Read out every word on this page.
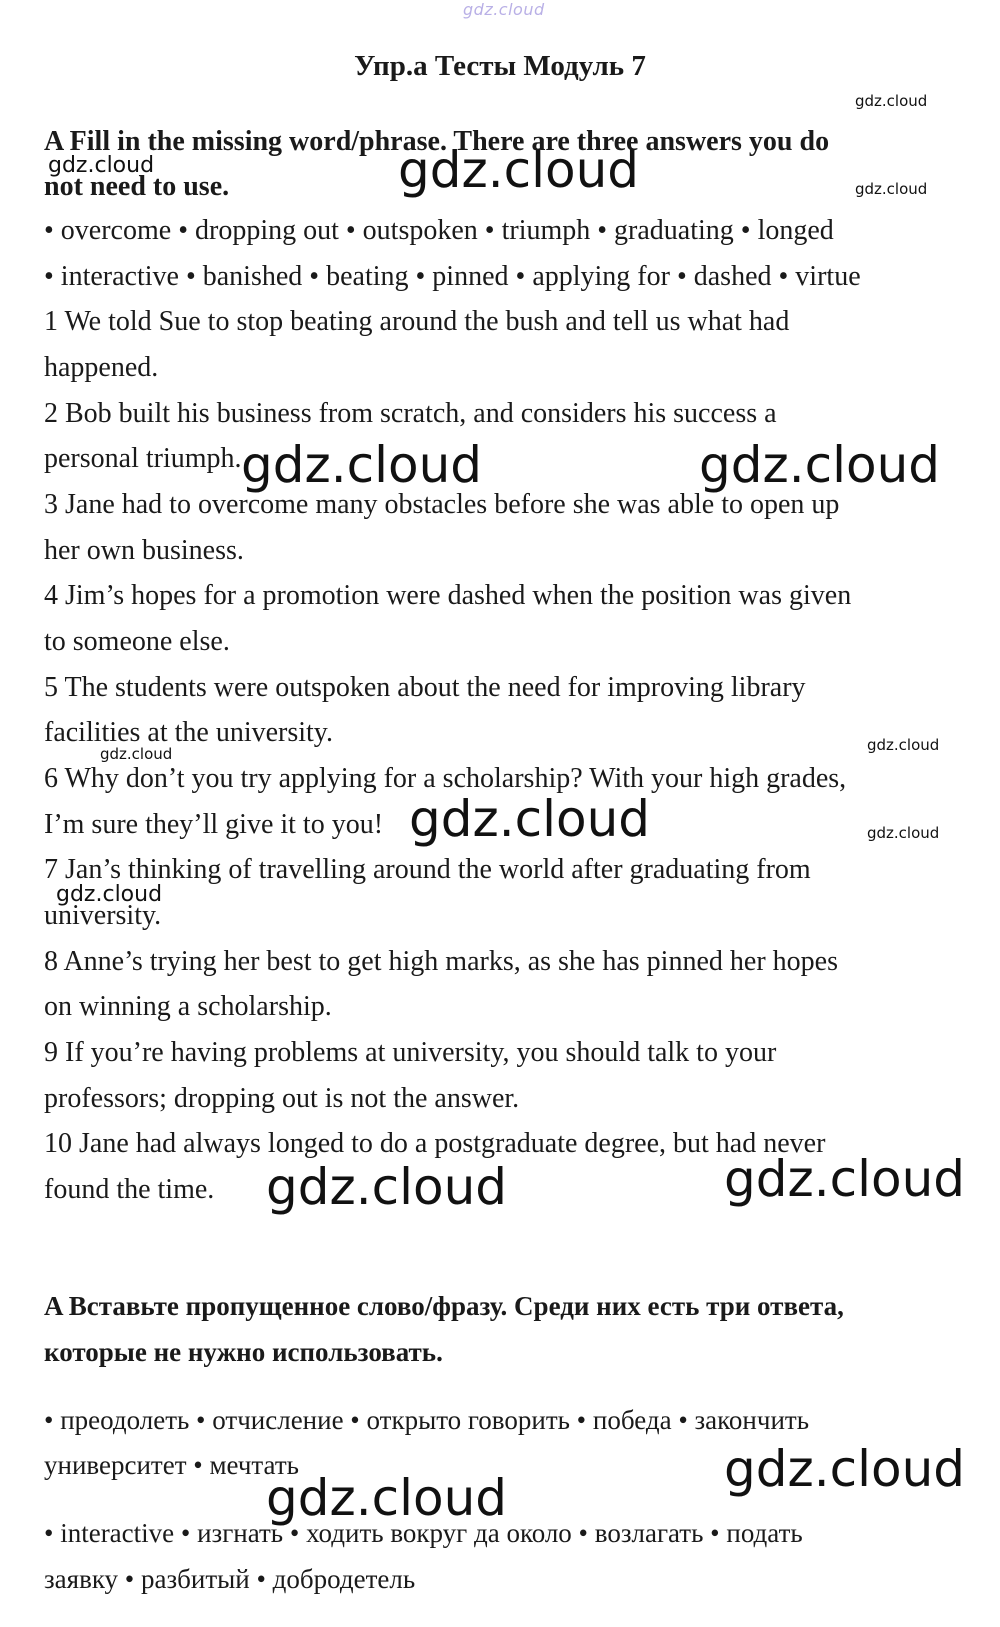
gdz.cloud
gdz.cloud
gdz.cloud	gdz.cloud	gdz.cloud
gdz.cloud	gdz.cloud
gdz.cloud	gdz.cloud
gdz.cloud	gdz.cloud
gdz.cloud
gdz.cloud	gdz.cloud
gdz.cloud
gdz.cloud
Упр.a Тесты Модуль 7
A Fill in the missing word/phrase. There are three answers you do
not need to use.
• overcome • dropping out • outspoken • triumph • graduating • longed
• interactive • banished • beating • pinned • applying for • dashed • virtue
1 We told Sue to stop beating around the bush and tell us what had
happened.
2 Bob built his business from scratch, and considers his success a
personal triumph.
3 Jane had to overcome many obstacles before she was able to open up
her own business.
4 Jim’s hopes for a promotion were dashed when the position was given
to someone else.
5 The students were outspoken about the need for improving library
facilities at the university.
6 Why don’t you try applying for a scholarship? With your high grades,
I’m sure they’ll give it to you!
7 Jan’s thinking of travelling around the world after graduating from
university.
8 Anne’s trying her best to get high marks, as she has pinned her hopes
on winning a scholarship.
9 If you’re having problems at university, you should talk to your
professors; dropping out is not the answer.
10 Jane had always longed to do a postgraduate degree, but had never
found the time.
A Вставьте пропущенное слово/фразу. Среди них есть три ответа,
которые не нужно использовать.
• преодолеть • отчисление • открыто говорить • победа • закончить
университет • мечтать
• interactive • изгнать • ходить вокруг да около • возлагать • подать
заявку • разбитый • добродетель
